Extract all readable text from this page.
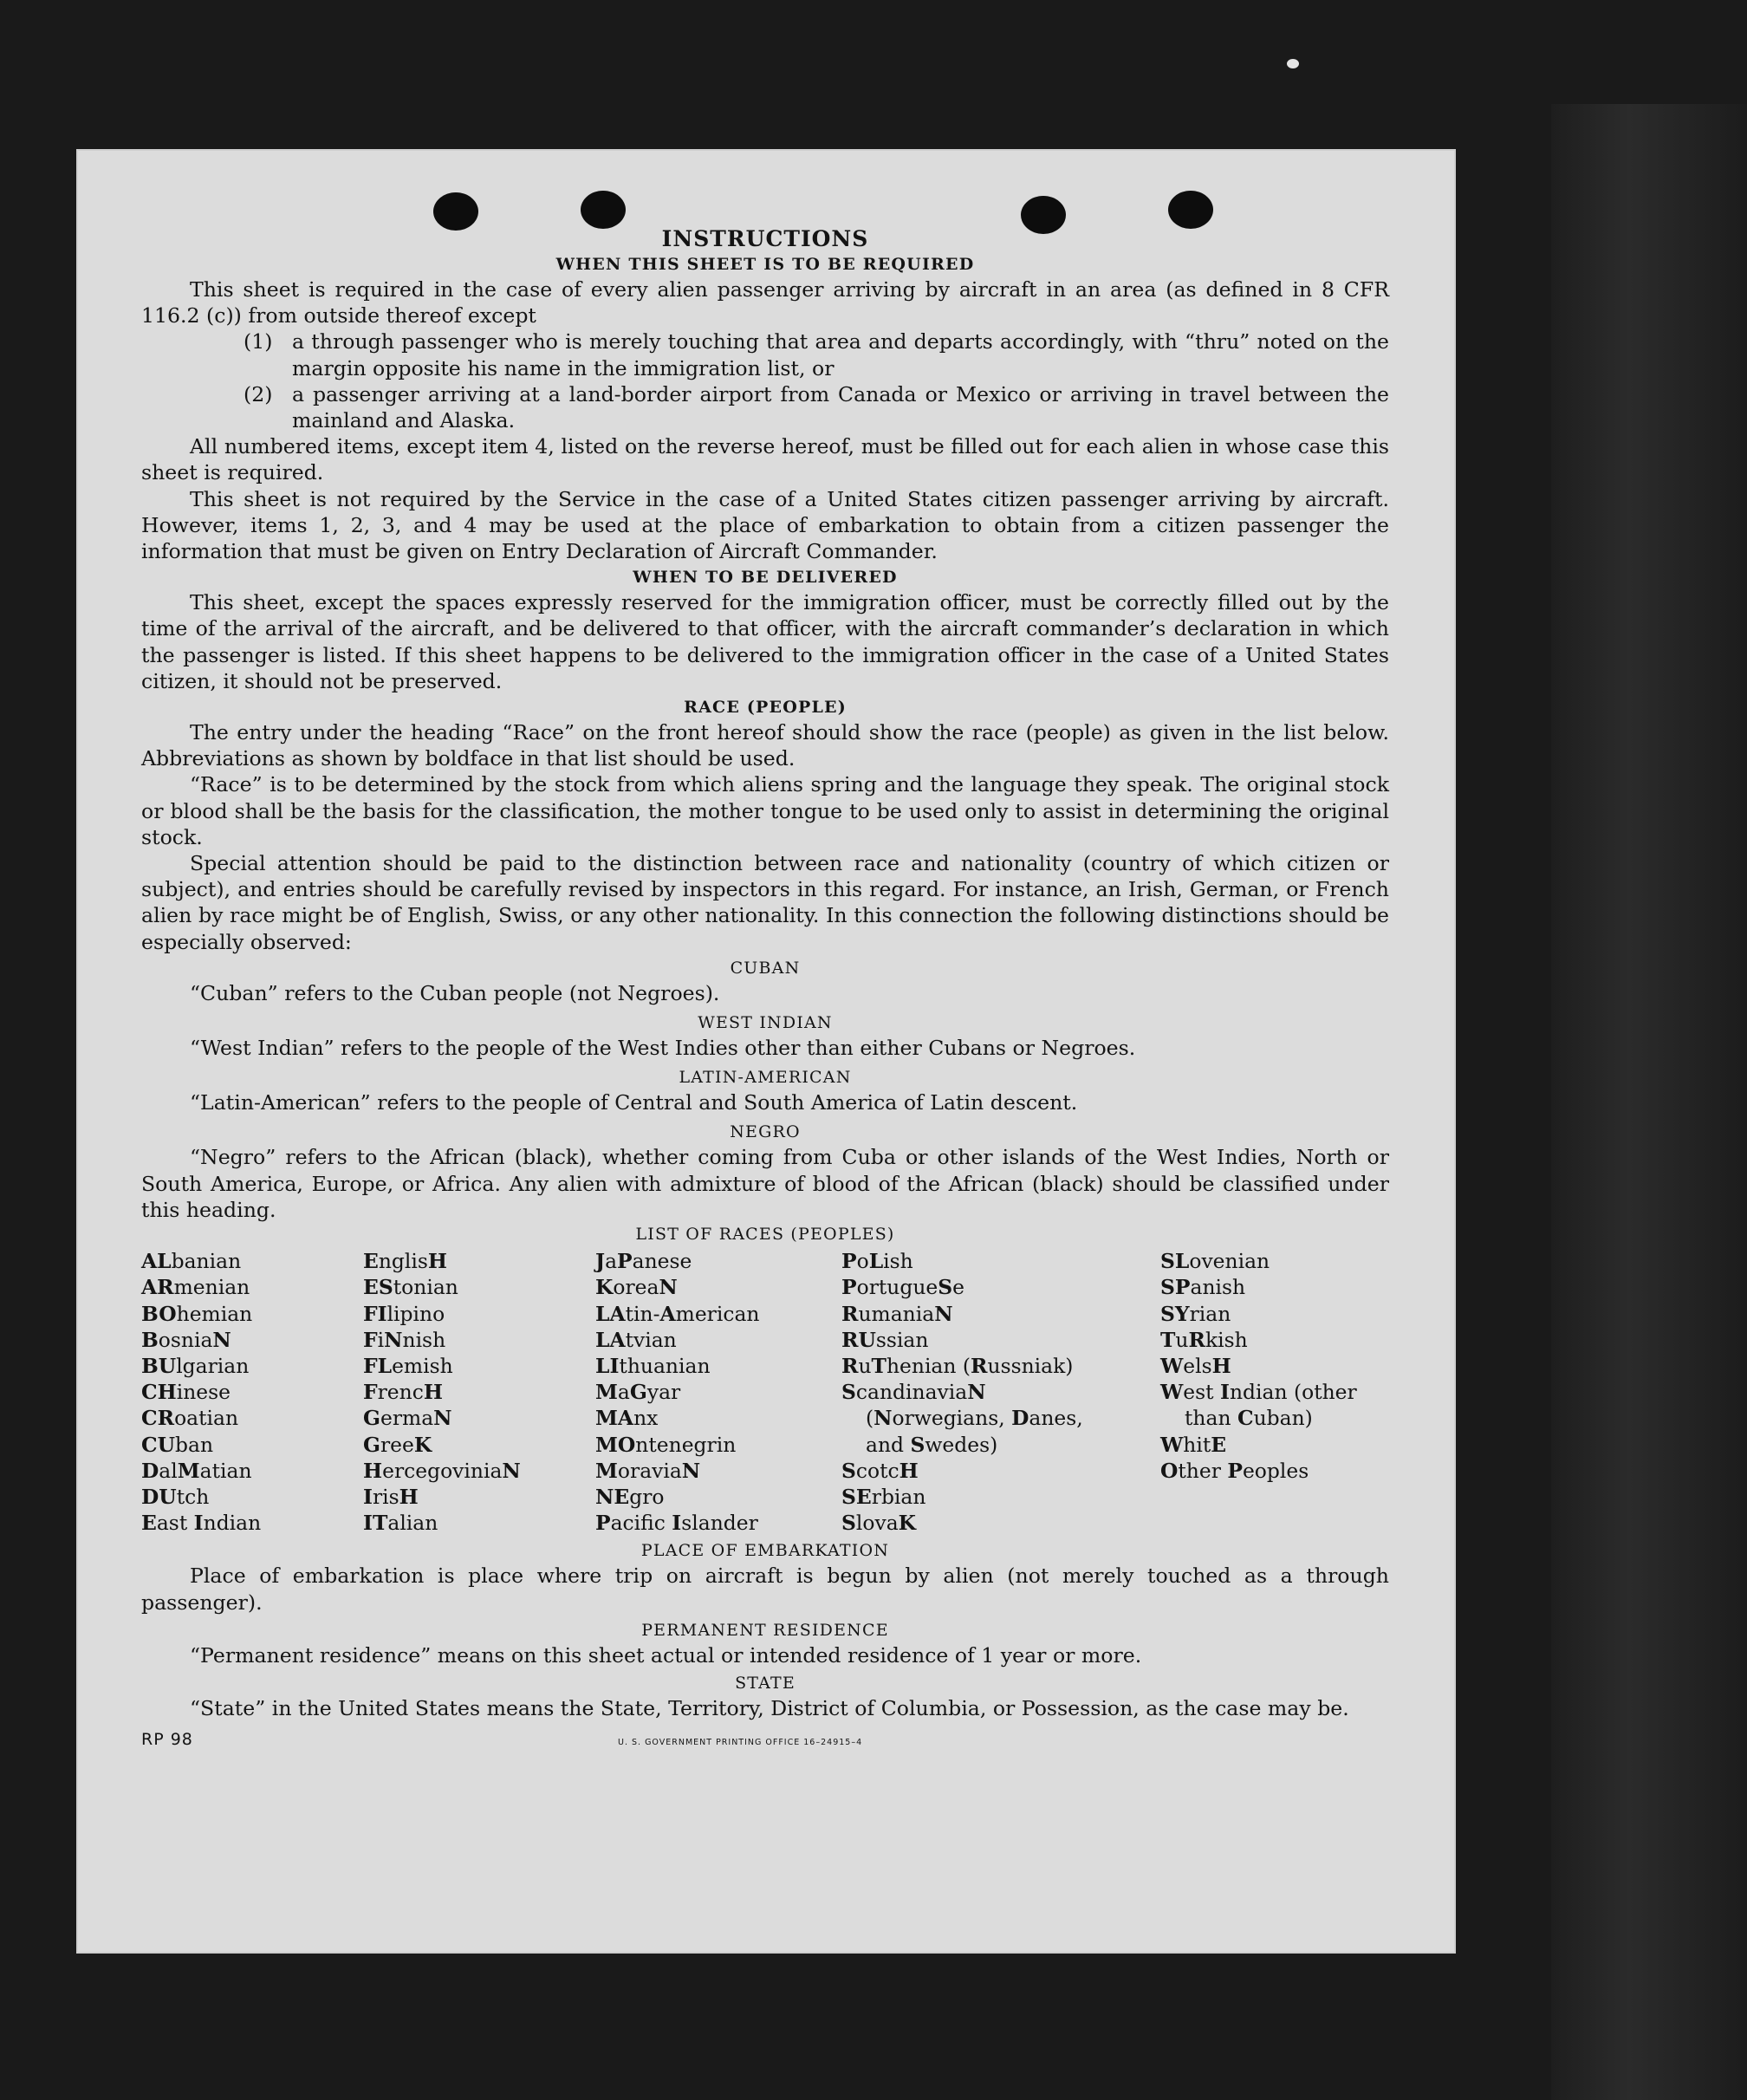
INSTRUCTIONS
WHEN THIS SHEET IS TO BE REQUIRED

This sheet is required in the case of every alien passenger arriving by aircraft in an area (as defined in 8 CFR 116.2 (c)) from outside thereof except

(1) a through passenger who is merely touching that area and departs accordingly, with “thru” noted on the margin opposite his name in the immigration list, or
(2) a passenger arriving at a land-border airport from Canada or Mexico or arriving in travel between the mainland and Alaska.

All numbered items, except item 4, listed on the reverse hereof, must be filled out for each alien in whose case this sheet is required.

This sheet is not required by the Service in the case of a United States citizen passenger arriving by aircraft. However, items 1, 2, 3, and 4 may be used at the place of embarkation to obtain from a citizen passenger the information that must be given on Entry Declaration of Aircraft Commander.

WHEN TO BE DELIVERED

This sheet, except the spaces expressly reserved for the immigration officer, must be correctly filled out by the time of the arrival of the aircraft, and be delivered to that officer, with the aircraft commander’s declaration in which the passenger is listed. If this sheet happens to be delivered to the immigration officer in the case of a United States citizen, it should not be preserved.

RACE (PEOPLE)

The entry under the heading “Race” on the front hereof should show the race (people) as given in the list below. Abbreviations as shown by boldface in that list should be used.

“Race” is to be determined by the stock from which aliens spring and the language they speak. The original stock or blood shall be the basis for the classification, the mother tongue to be used only to assist in determining the original stock.

Special attention should be paid to the distinction between race and nationality (country of which citizen or subject), and entries should be carefully revised by inspectors in this regard. For instance, an Irish, German, or French alien by race might be of English, Swiss, or any other nationality. In this connection the following distinctions should be especially observed:

CUBAN

“Cuban” refers to the Cuban people (not Negroes).

WEST INDIAN

“West Indian” refers to the people of the West Indies other than either Cubans or Negroes.

LATIN-AMERICAN

“Latin-American” refers to the people of Central and South America of Latin descent.

NEGRO

“Negro” refers to the African (black), whether coming from Cuba or other islands of the West Indies, North or South America, Europe, or Africa. Any alien with admixture of blood of the African (black) should be classified under this heading.

LIST OF RACES (PEOPLES)
ALbanian
ARmenian
BOhemian
BosniaN
BUlgarian
CHinese
CRoatian
CUban
DalMatian
DUtch
East Indian
EnglisH
EStonian
FIlipino
FiNnish
FLemish
FrencH
GermaN
GreeK
HercegoviniaN
IrisH
ITalian
JaPanese
KoreaN
LAtin-American
LAtvian
LIthuanian
MaGyar
MAnx
MOntenegrin
MoraviaN
NEgro
Pacifc Islander
PoLish
PortugueSe
RumaniaN
RUssian
RuThenian (Russniak)
ScandinaviaN (Norwegians, Danes, and Swedes)
ScotcH
SErbian
SlovaK
SLovenian
SPanish
SYrian
TuRkish
WelsH
West Indian (other than Cuban)
WhitE
Other Peoples
PLACE OF EMBARKATION

Place of embarkation is place where trip on aircraft is begun by alien (not merely touched as a through passenger).

PERMANENT RESIDENCE

“Permanent residence” means on this sheet actual or intended residence of 1 year or more.

STATE

“State” in the United States means the State, Territory, District of Columbia, or Possession, as the case may be.

RP 98	U. S. GOVERNMENT PRINTING OFFICE 16–24915–4
